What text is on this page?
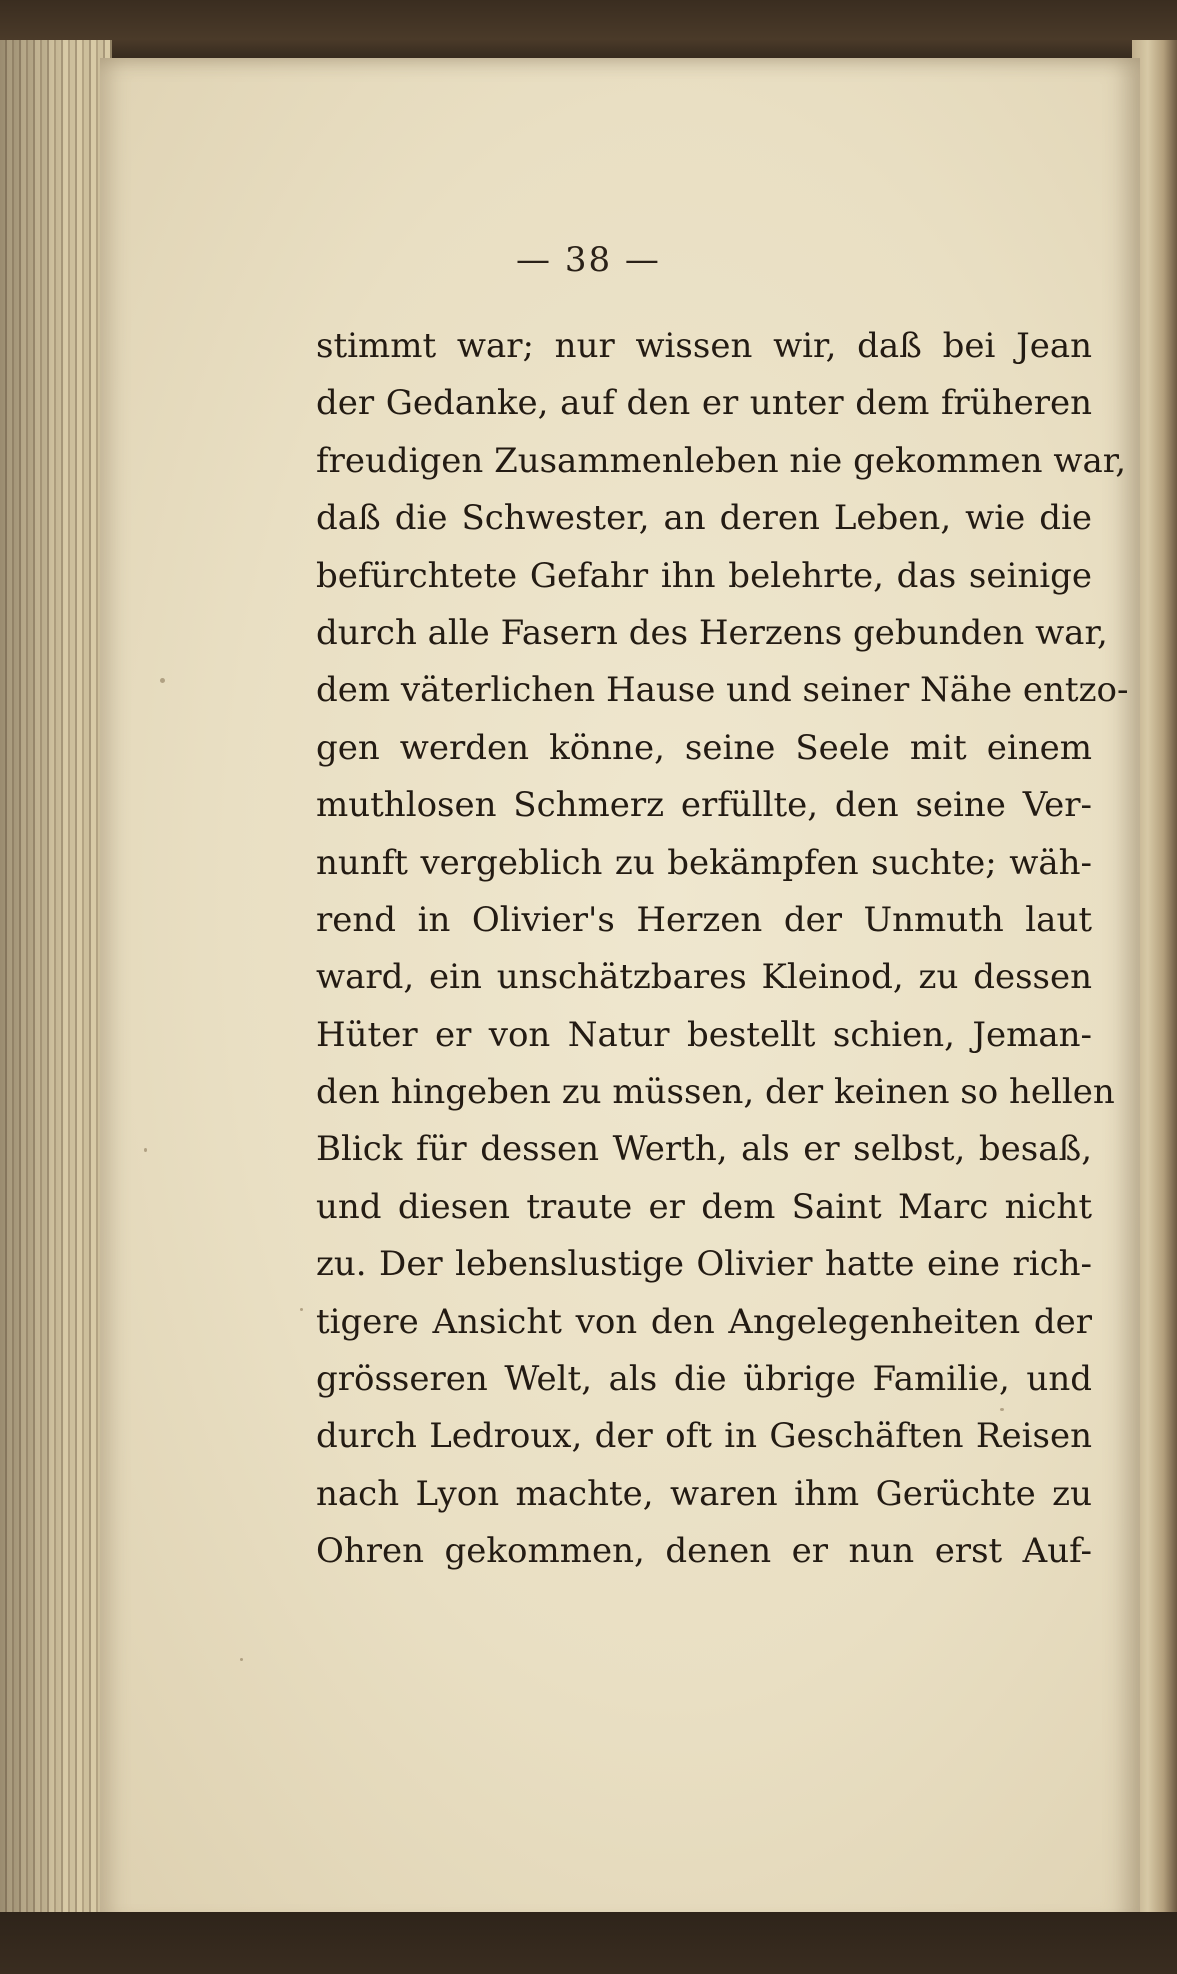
— 38 —
stimmt war; nur wissen wir, daß bei Jean
der Gedanke, auf den er unter dem früheren
freudigen Zusammenleben nie gekommen war,
daß die Schwester, an deren Leben, wie die
befürchtete Gefahr ihn belehrte, das seinige
durch alle Fasern des Herzens gebunden war,
dem väterlichen Hause und seiner Nähe entzo-
gen werden könne, seine Seele mit einem
muthlosen Schmerz erfüllte, den seine Ver-
nunft vergeblich zu bekämpfen suchte; wäh-
rend in Olivier's Herzen der Unmuth laut
ward, ein unschätzbares Kleinod, zu dessen
Hüter er von Natur bestellt schien, Jeman-
den hingeben zu müssen, der keinen so hellen
Blick für dessen Werth, als er selbst, besaß,
und diesen traute er dem Saint Marc nicht
zu. Der lebenslustige Olivier hatte eine rich-
tigere Ansicht von den Angelegenheiten der
grösseren Welt, als die übrige Familie, und
durch Ledroux, der oft in Geschäften Reisen
nach Lyon machte, waren ihm Gerüchte zu
Ohren gekommen, denen er nun erst Auf-
